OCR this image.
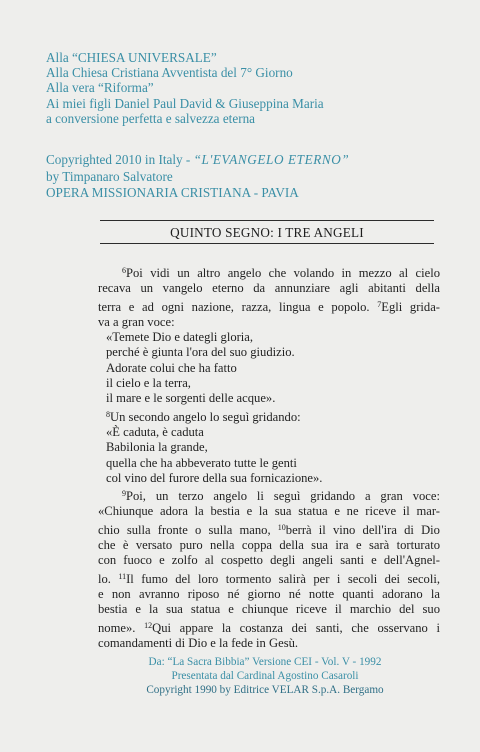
Alla “CHIESA UNIVERSALE”
Alla Chiesa Cristiana Avventista del 7° Giorno
Alla vera “Riforma”
Ai miei figli Daniel Paul David & Giuseppina Maria
a conversione perfetta e salvezza eterna
Copyrighted 2010 in Italy - “L'EVANGELO ETERNO”
by Timpanaro Salvatore
OPERA MISSIONARIA CRISTIANA - PAVIA
QUINTO SEGNO: I TRE ANGELI
$^6$Poi vidi un altro angelo che volando in mezzo al cielo
recava un vangelo eterno da annunziare agli abitanti della
terra e ad ogni nazione, razza, lingua e popolo. $^7$Egli grida-
va a gran voce:
«Temete Dio e dategli gloria,
perché è giunta l'ora del suo giudizio.
Adorate colui che ha fatto
il cielo e la terra,
il mare e le sorgenti delle acque».
$^8$Un secondo angelo lo seguì gridando:
«È caduta, è caduta
Babilonia la grande,
quella che ha abbeverato tutte le genti
col vino del furore della sua fornicazione».
$^9$Poi, un terzo angelo li seguì gridando a gran voce:
«Chiunque adora la bestia e la sua statua e ne riceve il mar-
chio sulla fronte o sulla mano, $^{10}$berrà il vino dell'ira di Dio
che è versato puro nella coppa della sua ira e sarà torturato
con fuoco e zolfo al cospetto degli angeli santi e dell'Agnel-
lo. $^{11}$Il fumo del loro tormento salirà per i secoli dei secoli,
e non avranno riposo né giorno né notte quanti adorano la
bestia e la sua statua e chiunque riceve il marchio del suo
nome». $^{12}$Qui appare la costanza dei santi, che osservano i
comandamenti di Dio e la fede in Gesù.
Da: “La Sacra Bibbia” Versione CEI - Vol. V - 1992
Presentata dal Cardinal Agostino Casaroli
Copyright 1990 by Editrice VELAR S.p.A. Bergamo
